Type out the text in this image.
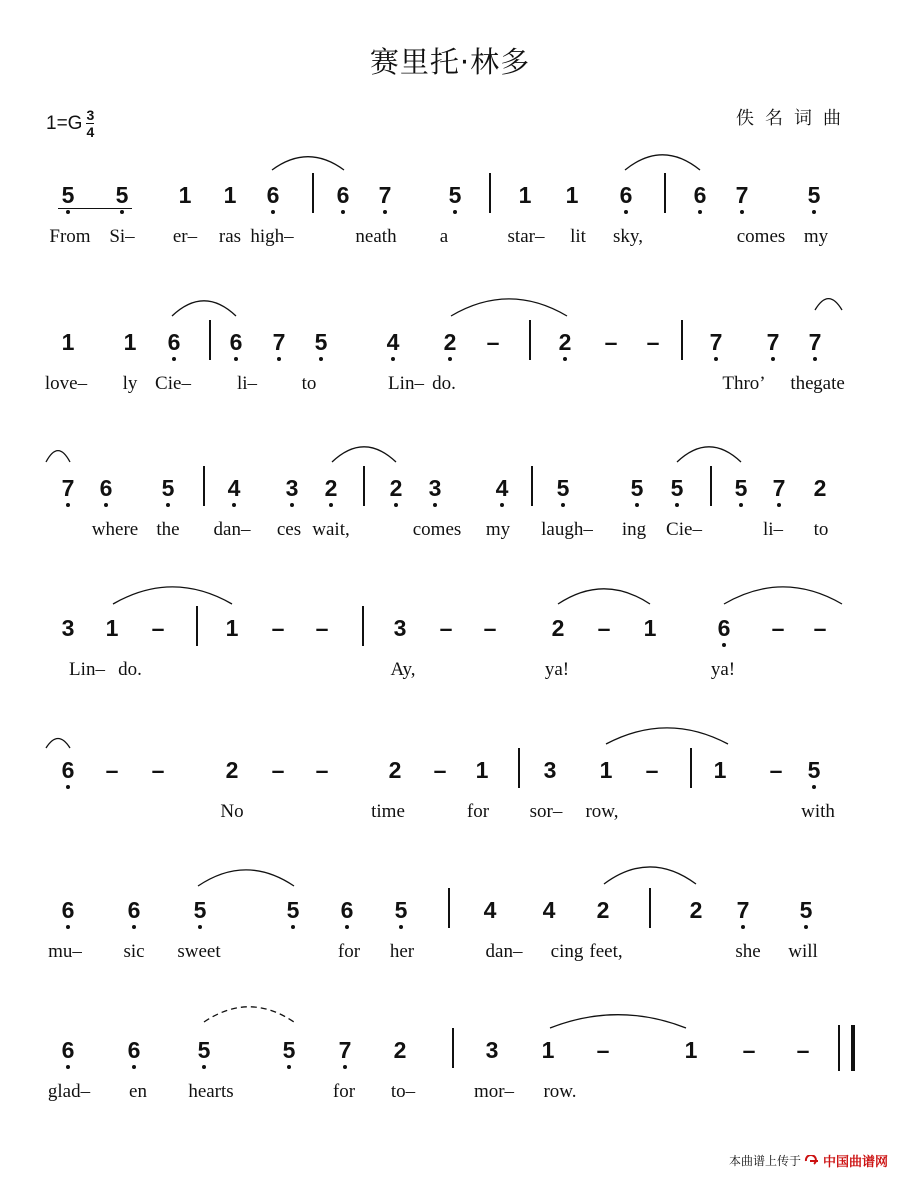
赛里托·林多
1=G 3
4
佚名词曲
本曲谱上传于 中国曲谱网
5 5 1 1 6 6 7 5 1 1 6	6 7	5
From Si– er– ras high–	neath a	star– lit sky,	comes my
1 1 6 6 7 5	4 2 –	2 – – 7 7 7
love– ly Cie– li– to	Lin– do.	Thro’ the gate
7 6 5 4 3 2 2 3 4 5	5 5 5 7 2
where the dan– ces wait,	comes my laugh– ing Cie–	li– to
3 1 –	1 – –	3 – – 2 – 1	6 – –
Lin– do.	Ay,	ya!	ya!
6 – –	2 – –	2 – 1 3 1 – 1 – 5
No	time	for sor– row,	with
6 6 5	5 6 5	4 4 2	2 7 5
mu– sic sweet	for her	dan– cing feet,	she will
6 6 5	5 7 2	3 1 –	1 – –
glad– en hearts	for to–	mor– row.
